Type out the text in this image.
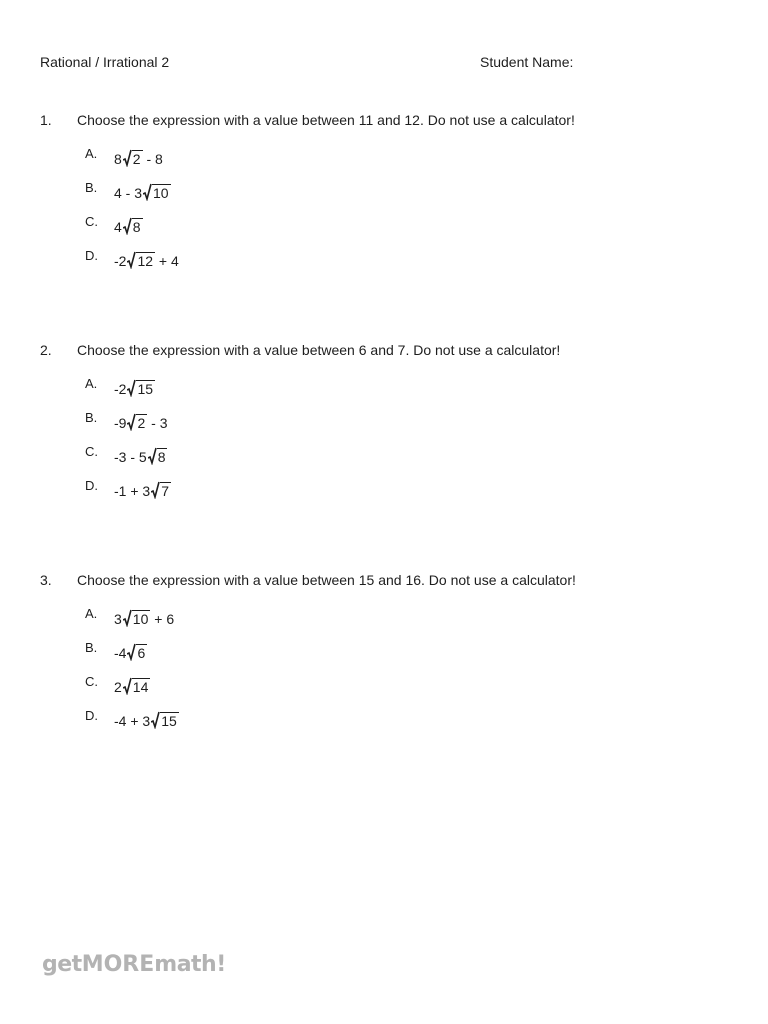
Rational / Irrational 2	Student Name:
1. Choose the expression with a value between 11 and 12. Do not use a calculator!
A. 8 2 - 8
B. 4 - 3 10
C. 4 8
D. -2 12 + 4
2. Choose the expression with a value between 6 and 7. Do not use a calculator!
A. -2 15
B. -9 2 - 3
C. -3 - 5 8
D. -1 + 3 7
3. Choose the expression with a value between 15 and 16. Do not use a calculator!
A. 3 10 + 6
B. -4 6
C. 2 14
D. -4 + 3 15
getMOREmath!
